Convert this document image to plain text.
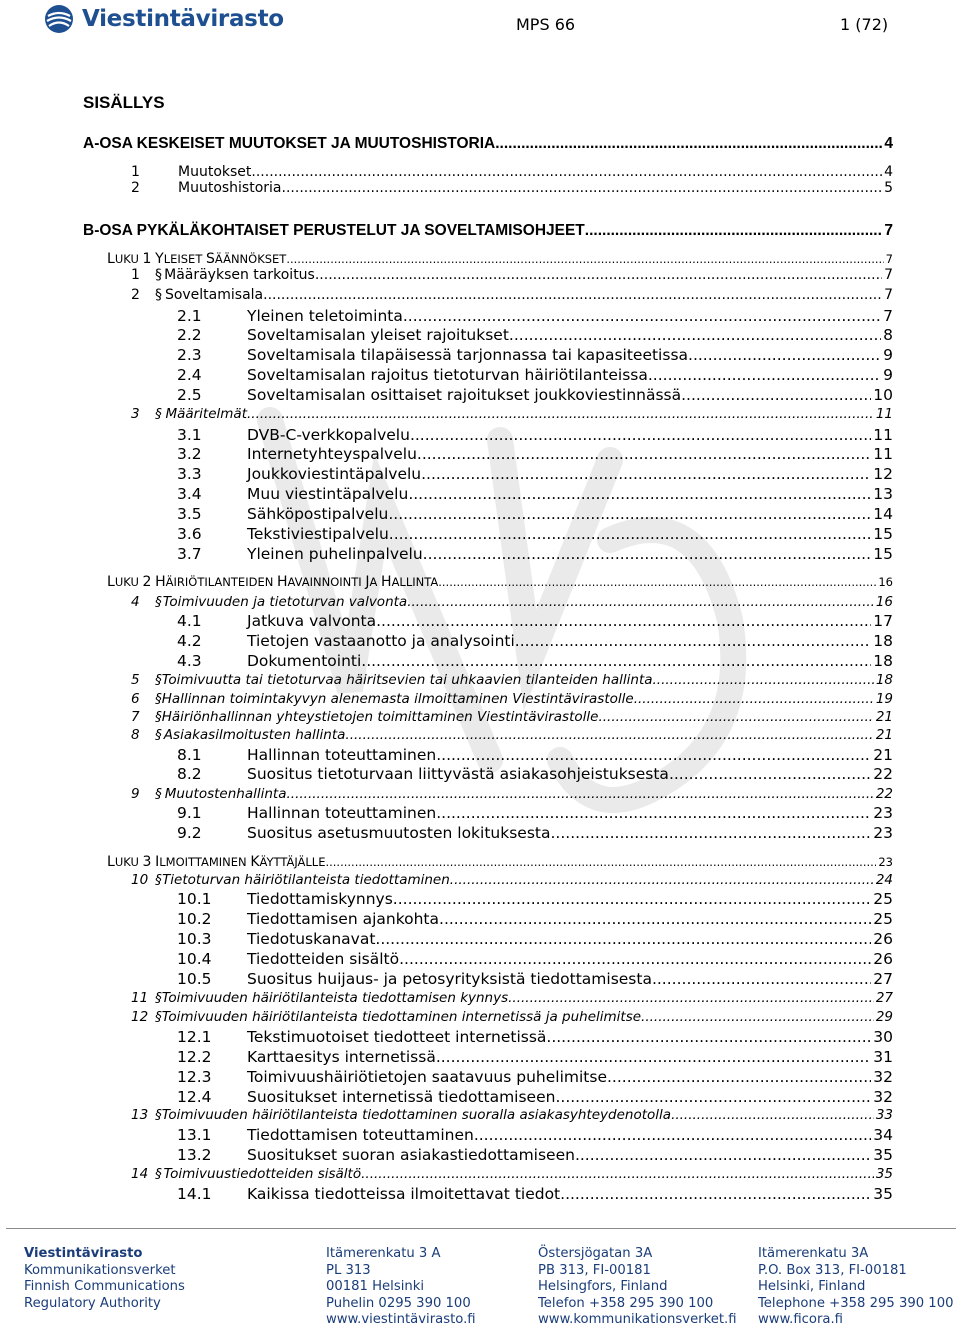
Viestintävirasto	MPS 66	1 (72)
SISÄLLYS
A-OSA KESKEISET MUUTOKSET JA MUUTOSHISTORIA .....	4
1	Muutokset .....	4
2	Muutoshistoria .....	5
B-OSA PYKÄLÄKOHTAISET PERUSTELUT JA SOVELTAMISOHJEET .....	7
LUKU 1 YLEISET SÄÄNNÖKSET .....	7
1 § Määräyksen tarkoitus .....	7
2 § Soveltamisala .....	7
2.1	Yleinen teletoiminta .....	7
2.2	Soveltamisalan yleiset rajoitukset .....	8
2.3	Soveltamisala tilapäisessä tarjonnassa tai kapasiteetissa .....	9
2.4	Soveltamisalan rajoitus tietoturvan häiriötilanteissa .....	9
2.5	Soveltamisalan osittaiset rajoitukset joukkoviestinnässä .....	10
3 § Määritelmät .....	11
3.1	DVB-C-verkkopalvelu .....	11
3.2	Internetyhteyspalvelu .....	11
3.3	Joukkoviestintäpalvelu .....	12
3.4	Muu viestintäpalvelu .....	13
3.5	Sähköpostipalvelu .....	14
3.6	Tekstiviestipalvelu .....	15
3.7	Yleinen puhelinpalvelu .....	15
LUKU 2 HÄIRIÖTILANTEIDEN HAVAINNOINTI JA HALLINTA .....	16
4 § Toimivuuden ja tietoturvan valvonta .....	16
4.1	Jatkuva valvonta .....	17
4.2	Tietojen vastaanotto ja analysointi .....	18
4.3	Dokumentointi .....	18
5 § Toimivuutta tai tietoturvaa häiritsevien tai uhkaavien tilanteiden hallinta .....	18
6 § Hallinnan toimintakyvyn alenemasta ilmoittaminen Viestintävirastolle .....	19
7 § Häiriönhallinnan yhteystietojen toimittaminen Viestintävirastolle .....	21
8 § Asiakasilmoitusten hallinta .....	21
8.1	Hallinnan toteuttaminen .....	21
8.2	Suositus tietoturvaan liittyvästä asiakasohjeistuksesta .....	22
9 § Muutostenhallinta .....	22
9.1	Hallinnan toteuttaminen .....	23
9.2	Suositus asetusmuutosten lokituksesta .....	23
LUKU 3 ILMOITTAMINEN KÄYTTÄJÄLLE .....	23
10 § Tietoturvan häiriötilanteista tiedottaminen .....	24
10.1 Tiedottamiskynnys .....	25
10.2 Tiedottamisen ajankohta .....	25
10.3 Tiedotuskanavat .....	26
10.4 Tiedotteiden sisältö .....	26
10.5 Suositus huijaus- ja petosyrityksistä tiedottamisesta .....	27
11 § Toimivuuden häiriötilanteista tiedottamisen kynnys .....	27
12 § Toimivuuden häiriötilanteista tiedottaminen internetissä ja puhelimitse .....	29
12.1 Tekstimuotoiset tiedotteet internetissä .....	30
12.2 Karttaesitys internetissä .....	31
12.3 Toimivuushäiriötietojen saatavuus puhelimitse .....	32
12.4 Suositukset internetissä tiedottamiseen .....	32
13 § Toimivuuden häiriötilanteista tiedottaminen suoralla asiakasyhteydenotolla .....	33
13.1 Tiedottamisen toteuttaminen .....	34
13.2 Suositukset suoran asiakastiedottamiseen .....	35
14 § Toimivuustiedotteiden sisältö .....	35
14.1 Kaikissa tiedotteissa ilmoitettavat tiedot .....	35
Viestintävirasto
Kommunikationsverket
Finnish Communications
Regulatory Authority
Itämerenkatu 3 A
PL 313
00181 Helsinki
Puhelin 0295 390 100
www.viestintävirasto.fi
Östersjögatan 3A
PB 313, FI-00181
Helsingfors, Finland
Telefon +358 295 390 100
www.kommunikationsverket.fi
Itämerenkatu 3A
P.O. Box 313, FI-00181
Helsinki, Finland
Telephone +358 295 390 100
www.ficora.fi
